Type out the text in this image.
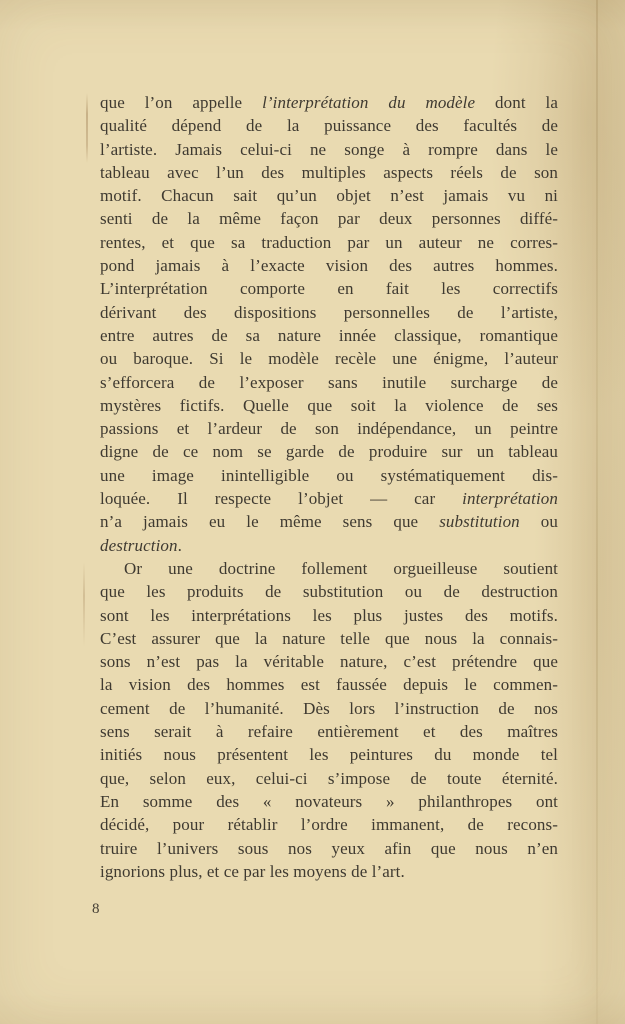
que l’on appelle l’interprétation du modèle dont la
qualité dépend de la puissance des facultés de
l’artiste. Jamais celui-ci ne songe à rompre dans le
tableau avec l’un des multiples aspects réels de son
motif. Chacun sait qu’un objet n’est jamais vu ni
senti de la même façon par deux personnes diffé-
rentes, et que sa traduction par un auteur ne corres-
pond jamais à l’exacte vision des autres hommes.
L’interprétation comporte en fait les correctifs
dérivant des dispositions personnelles de l’artiste,
entre autres de sa nature innée classique, romantique
ou baroque. Si le modèle recèle une énigme, l’auteur
s’efforcera de l’exposer sans inutile surcharge de
mystères fictifs. Quelle que soit la violence de ses
passions et l’ardeur de son indépendance, un peintre
digne de ce nom se garde de produire sur un tableau
une image inintelligible ou systématiquement dis-
loquée. Il respecte l’objet — car interprétation
n’a jamais eu le même sens que substitution ou
destruction.
Or une doctrine follement orgueilleuse soutient
que les produits de substitution ou de destruction
sont les interprétations les plus justes des motifs.
C’est assurer que la nature telle que nous la connais-
sons n’est pas la véritable nature, c’est prétendre que
la vision des hommes est faussée depuis le commen-
cement de l’humanité. Dès lors l’instruction de nos
sens serait à refaire entièrement et des maîtres
initiés nous présentent les peintures du monde tel
que, selon eux, celui-ci s’impose de toute éternité.
En somme des « novateurs » philanthropes ont
décidé, pour rétablir l’ordre immanent, de recons-
truire l’univers sous nos yeux afin que nous n’en
ignorions plus, et ce par les moyens de l’art.
8
